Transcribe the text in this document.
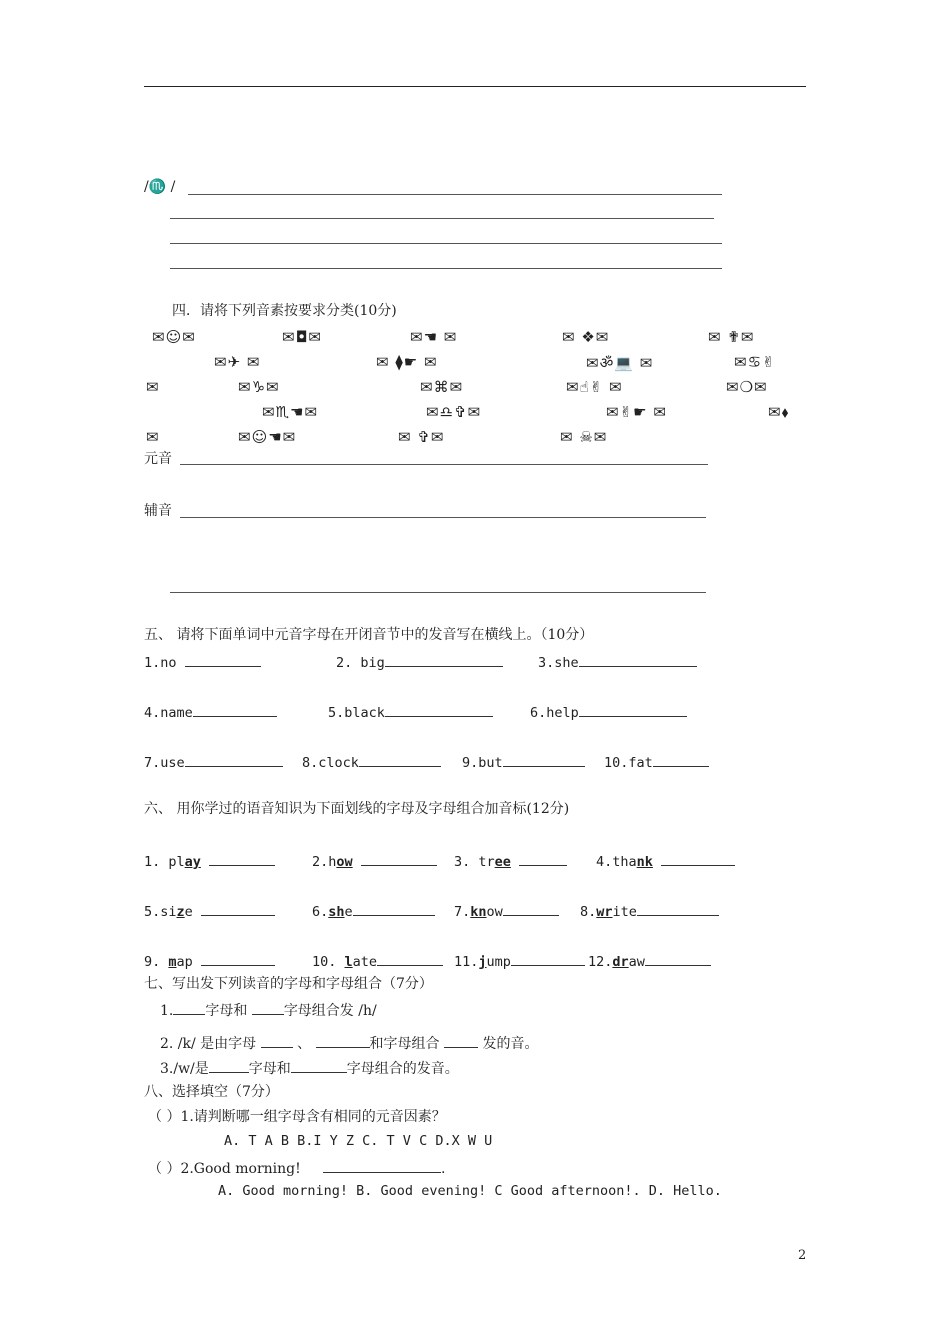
/♏ /
四．请将下列音素按要求分类(10分)
✉☺✉	✉◘✉	✉☚ ✉	✉ ❖✉	✉ ✟✉
✉✈ ✉	✉ ⧫☛ ✉	✉ॐ💻 ✉	✉♋✌
✉	✉♑✉	✉⌘✉	✉☝✌ ✉	✉❍✉
✉♏☚✉	✉♎✞✉	✉✌☛ ✉	✉⬧
✉	✉☺☚✉	✉ ✞✉	✉ ☠✉
元音
辅音
五、 请将下面单词中元音字母在开闭音节中的发音写在横线上。（10分）
1.no	2. big	3.she
4.name	5.black	6.help
7.use	8.clock	9.but	10.fat
六、 用你学过的语音知识为下面划线的字母及字母组合加音标(12分)
1. play	2.how	3. tree	4.thank
5.size	6.she	7.know	8.write
9. map	10. late	11.jump	12.draw
七、写出发下列读音的字母和字母组合（7分）
1. 字母和	字母组合发 /h/
2. /k/ 是由字母	、	和字母组合	发的音。
3./w/是	字母和	字母组合的发音。
八、选择填空（7分）
（ ）1.请判断哪一组字母含有相同的元音因素？
A. T A B B.I Y Z C. T V C D.X W U
（ ）2.Good morning!	.
A. Good morning! B. Good evening! C Good afternoon!. D. Hello.
2
